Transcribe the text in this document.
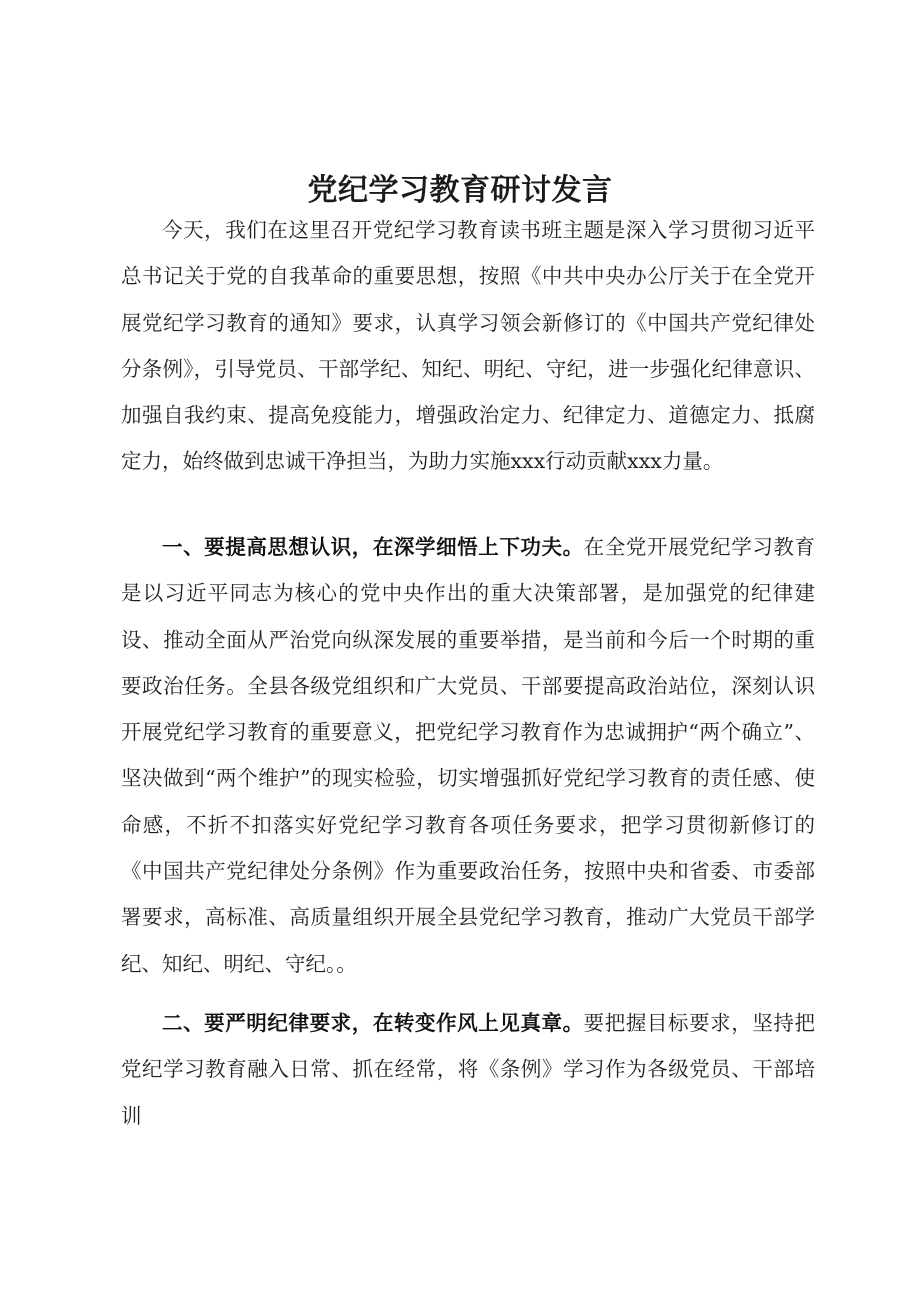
党纪学习教育研讨发言

今天，我们在这里召开党纪学习教育读书班主题是深入学习贯彻习近平总书记关于党的自我革命的重要思想，按照《中共中央办公厅关于在全党开展党纪学习教育的通知》要求，认真学习领会新修订的《中国共产党纪律处分条例》，引导党员、干部学纪、知纪、明纪、守纪，进一步强化纪律意识、加强自我约束、提高免疫能力，增强政治定力、纪律定力、道德定力、抵腐定力，始终做到忠诚干净担当，为助力实施xxx行动贡献xxx力量。

一、要提高思想认识，在深学细悟上下功夫。在全党开展党纪学习教育是以习近平同志为核心的党中央作出的重大决策部署，是加强党的纪律建设、推动全面从严治党向纵深发展的重要举措，是当前和今后一个时期的重要政治任务。全县各级党组织和广大党员、干部要提高政治站位，深刻认识开展党纪学习教育的重要意义，把党纪学习教育作为忠诚拥护“两个确立”、坚决做到“两个维护”的现实检验，切实增强抓好党纪学习教育的责任感、使命感，不折不扣落实好党纪学习教育各项任务要求，把学习贯彻新修订的《中国共产党纪律处分条例》作为重要政治任务，按照中央和省委、市委部署要求，高标准、高质量组织开展全县党纪学习教育，推动广大党员干部学纪、知纪、明纪、守纪。。

二、要严明纪律要求，在转变作风上见真章。要把握目标要求，坚持把党纪学习教育融入日常、抓在经常，将《条例》学习作为各级党员、干部培训
